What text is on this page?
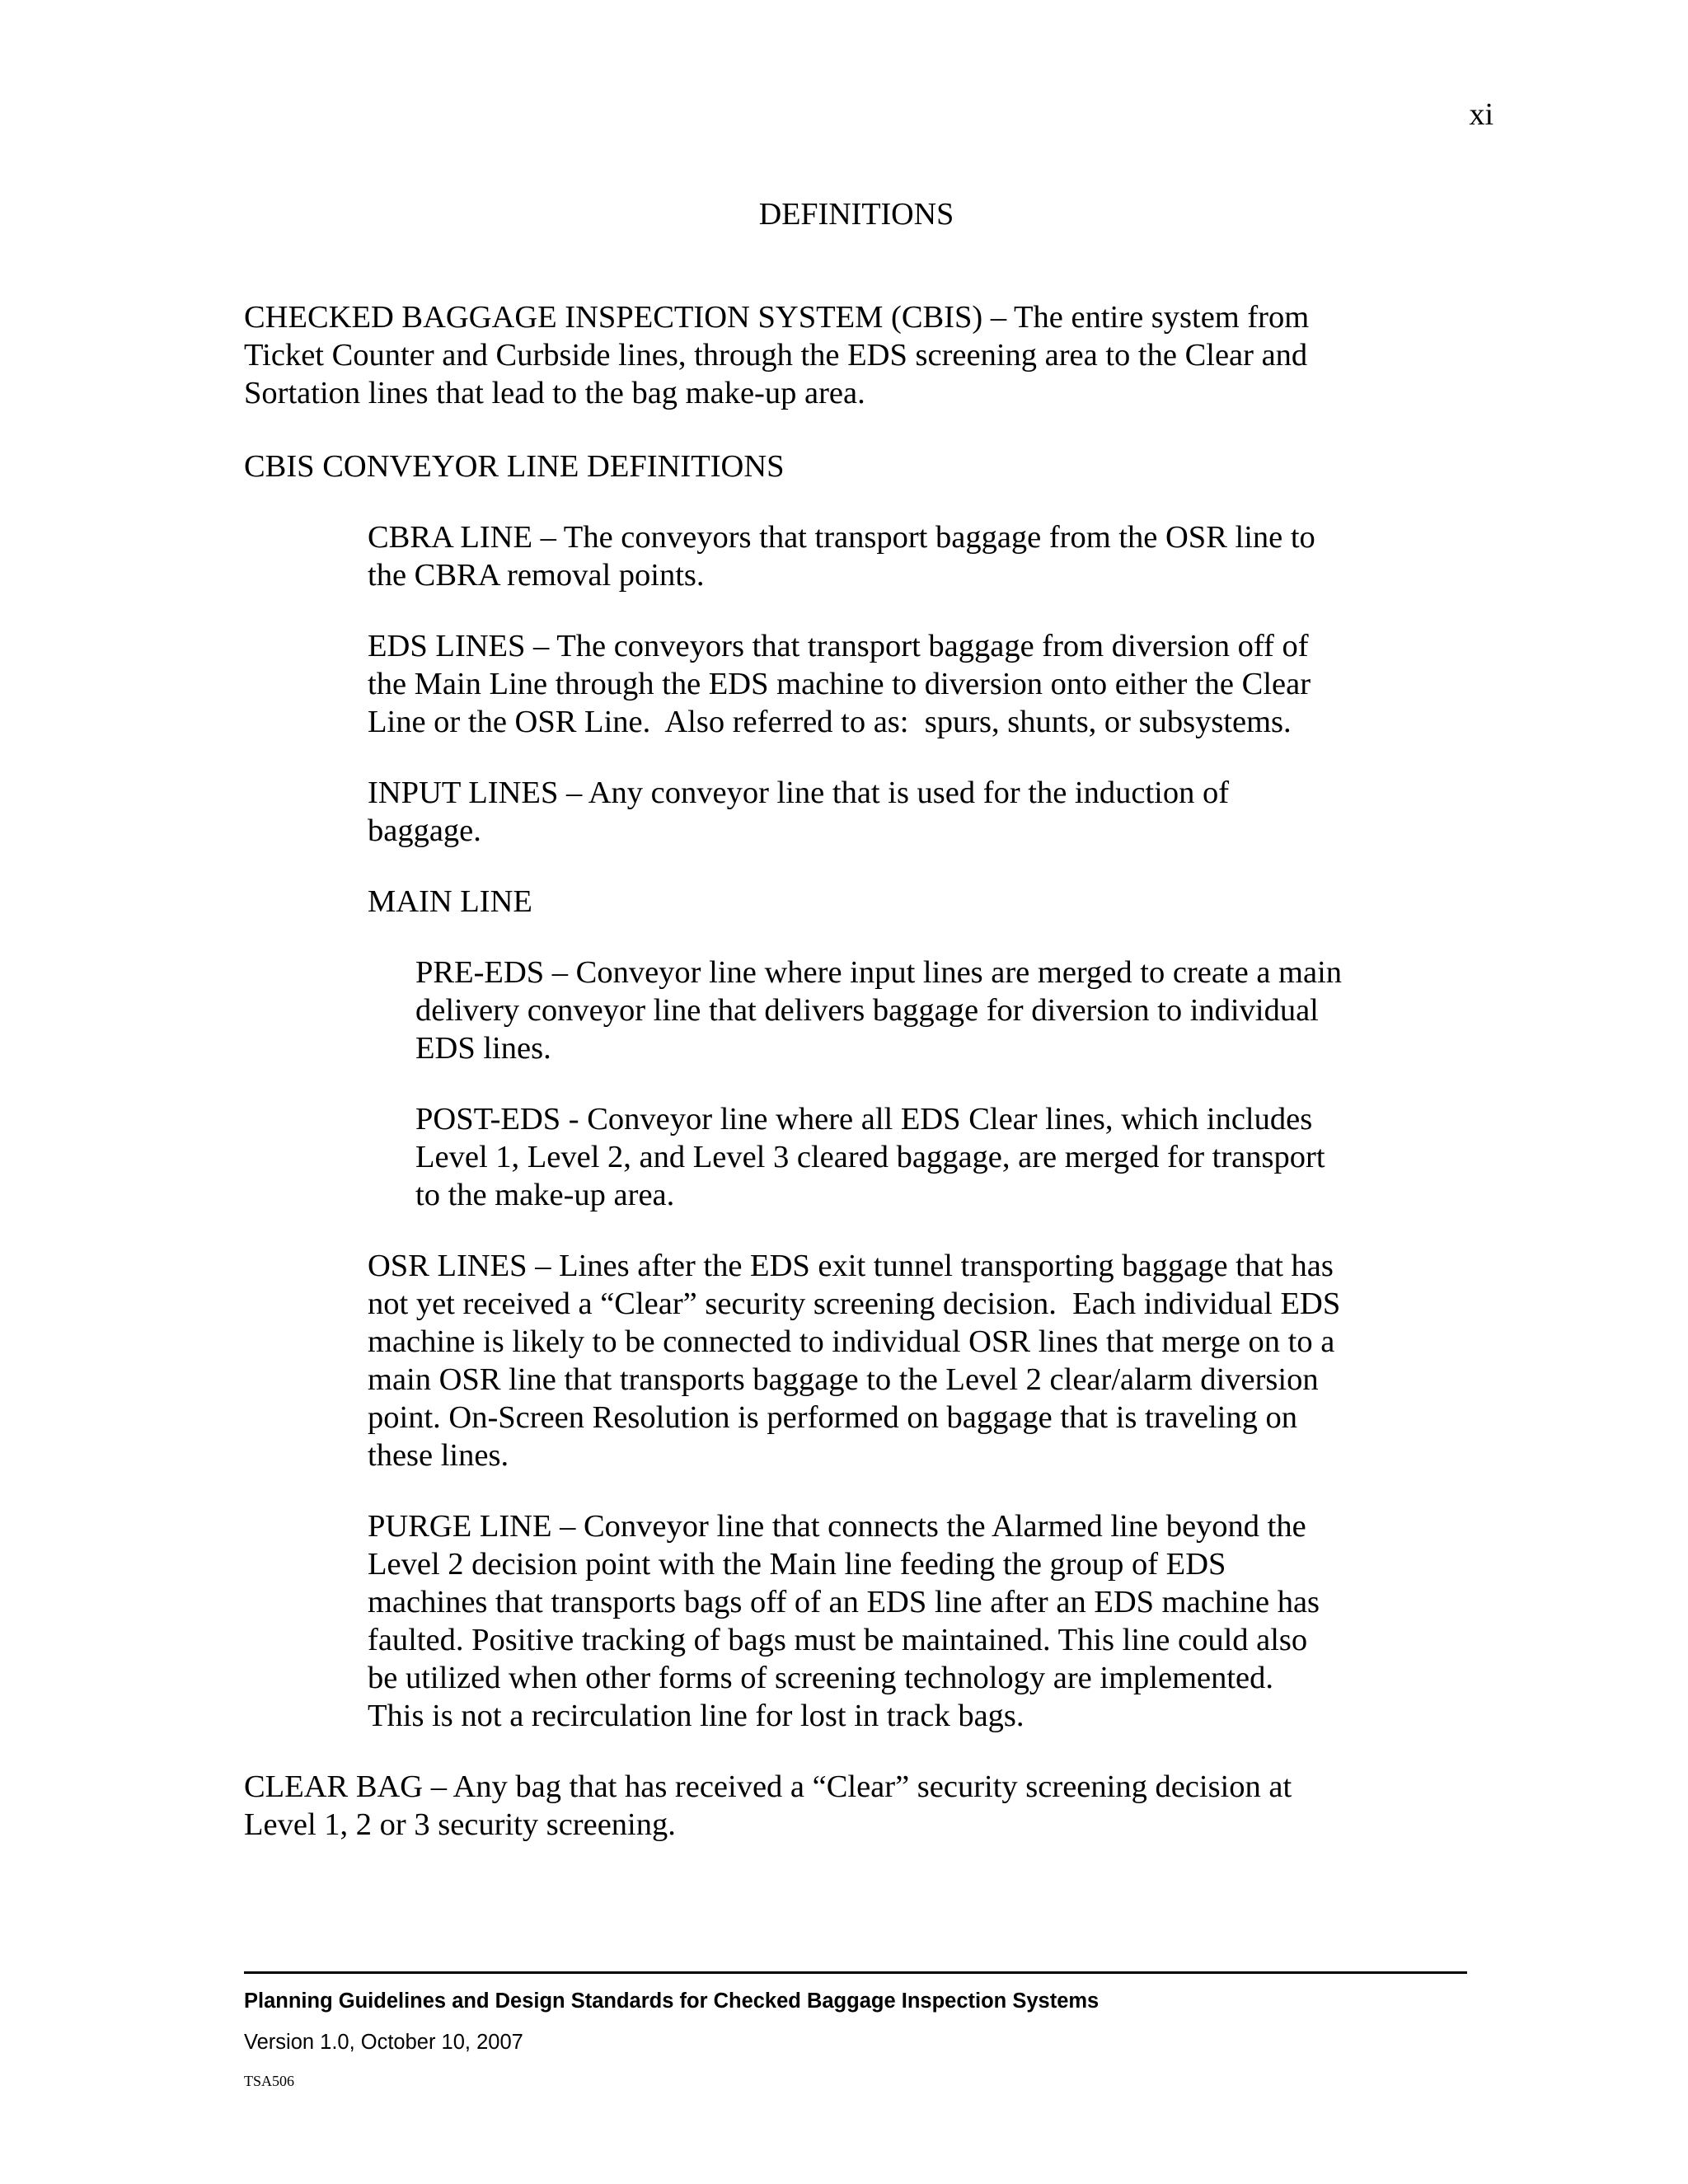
xi
DEFINITIONS
CHECKED BAGGAGE INSPECTION SYSTEM (CBIS) – The entire system from
Ticket Counter and Curbside lines, through the EDS screening area to the Clear and
Sortation lines that lead to the bag make-up area.
CBIS CONVEYOR LINE DEFINITIONS
CBRA LINE – The conveyors that transport baggage from the OSR line to
the CBRA removal points.
EDS LINES – The conveyors that transport baggage from diversion off of
the Main Line through the EDS machine to diversion onto either the Clear
Line or the OSR Line.  Also referred to as:  spurs, shunts, or subsystems.
INPUT LINES – Any conveyor line that is used for the induction of
baggage.
MAIN LINE
PRE-EDS – Conveyor line where input lines are merged to create a main
delivery conveyor line that delivers baggage for diversion to individual
EDS lines.
POST-EDS - Conveyor line where all EDS Clear lines, which includes
Level 1, Level 2, and Level 3 cleared baggage, are merged for transport
to the make-up area.
OSR LINES – Lines after the EDS exit tunnel transporting baggage that has
not yet received a “Clear” security screening decision.  Each individual EDS
machine is likely to be connected to individual OSR lines that merge on to a
main OSR line that transports baggage to the Level 2 clear/alarm diversion
point. On-Screen Resolution is performed on baggage that is traveling on
these lines.
PURGE LINE – Conveyor line that connects the Alarmed line beyond the
Level 2 decision point with the Main line feeding the group of EDS
machines that transports bags off of an EDS line after an EDS machine has
faulted. Positive tracking of bags must be maintained. This line could also
be utilized when other forms of screening technology are implemented.
This is not a recirculation line for lost in track bags.
CLEAR BAG – Any bag that has received a “Clear” security screening decision at
Level 1, 2 or 3 security screening.
Planning Guidelines and Design Standards for Checked Baggage Inspection Systems
Version 1.0, October 10, 2007
TSA506
